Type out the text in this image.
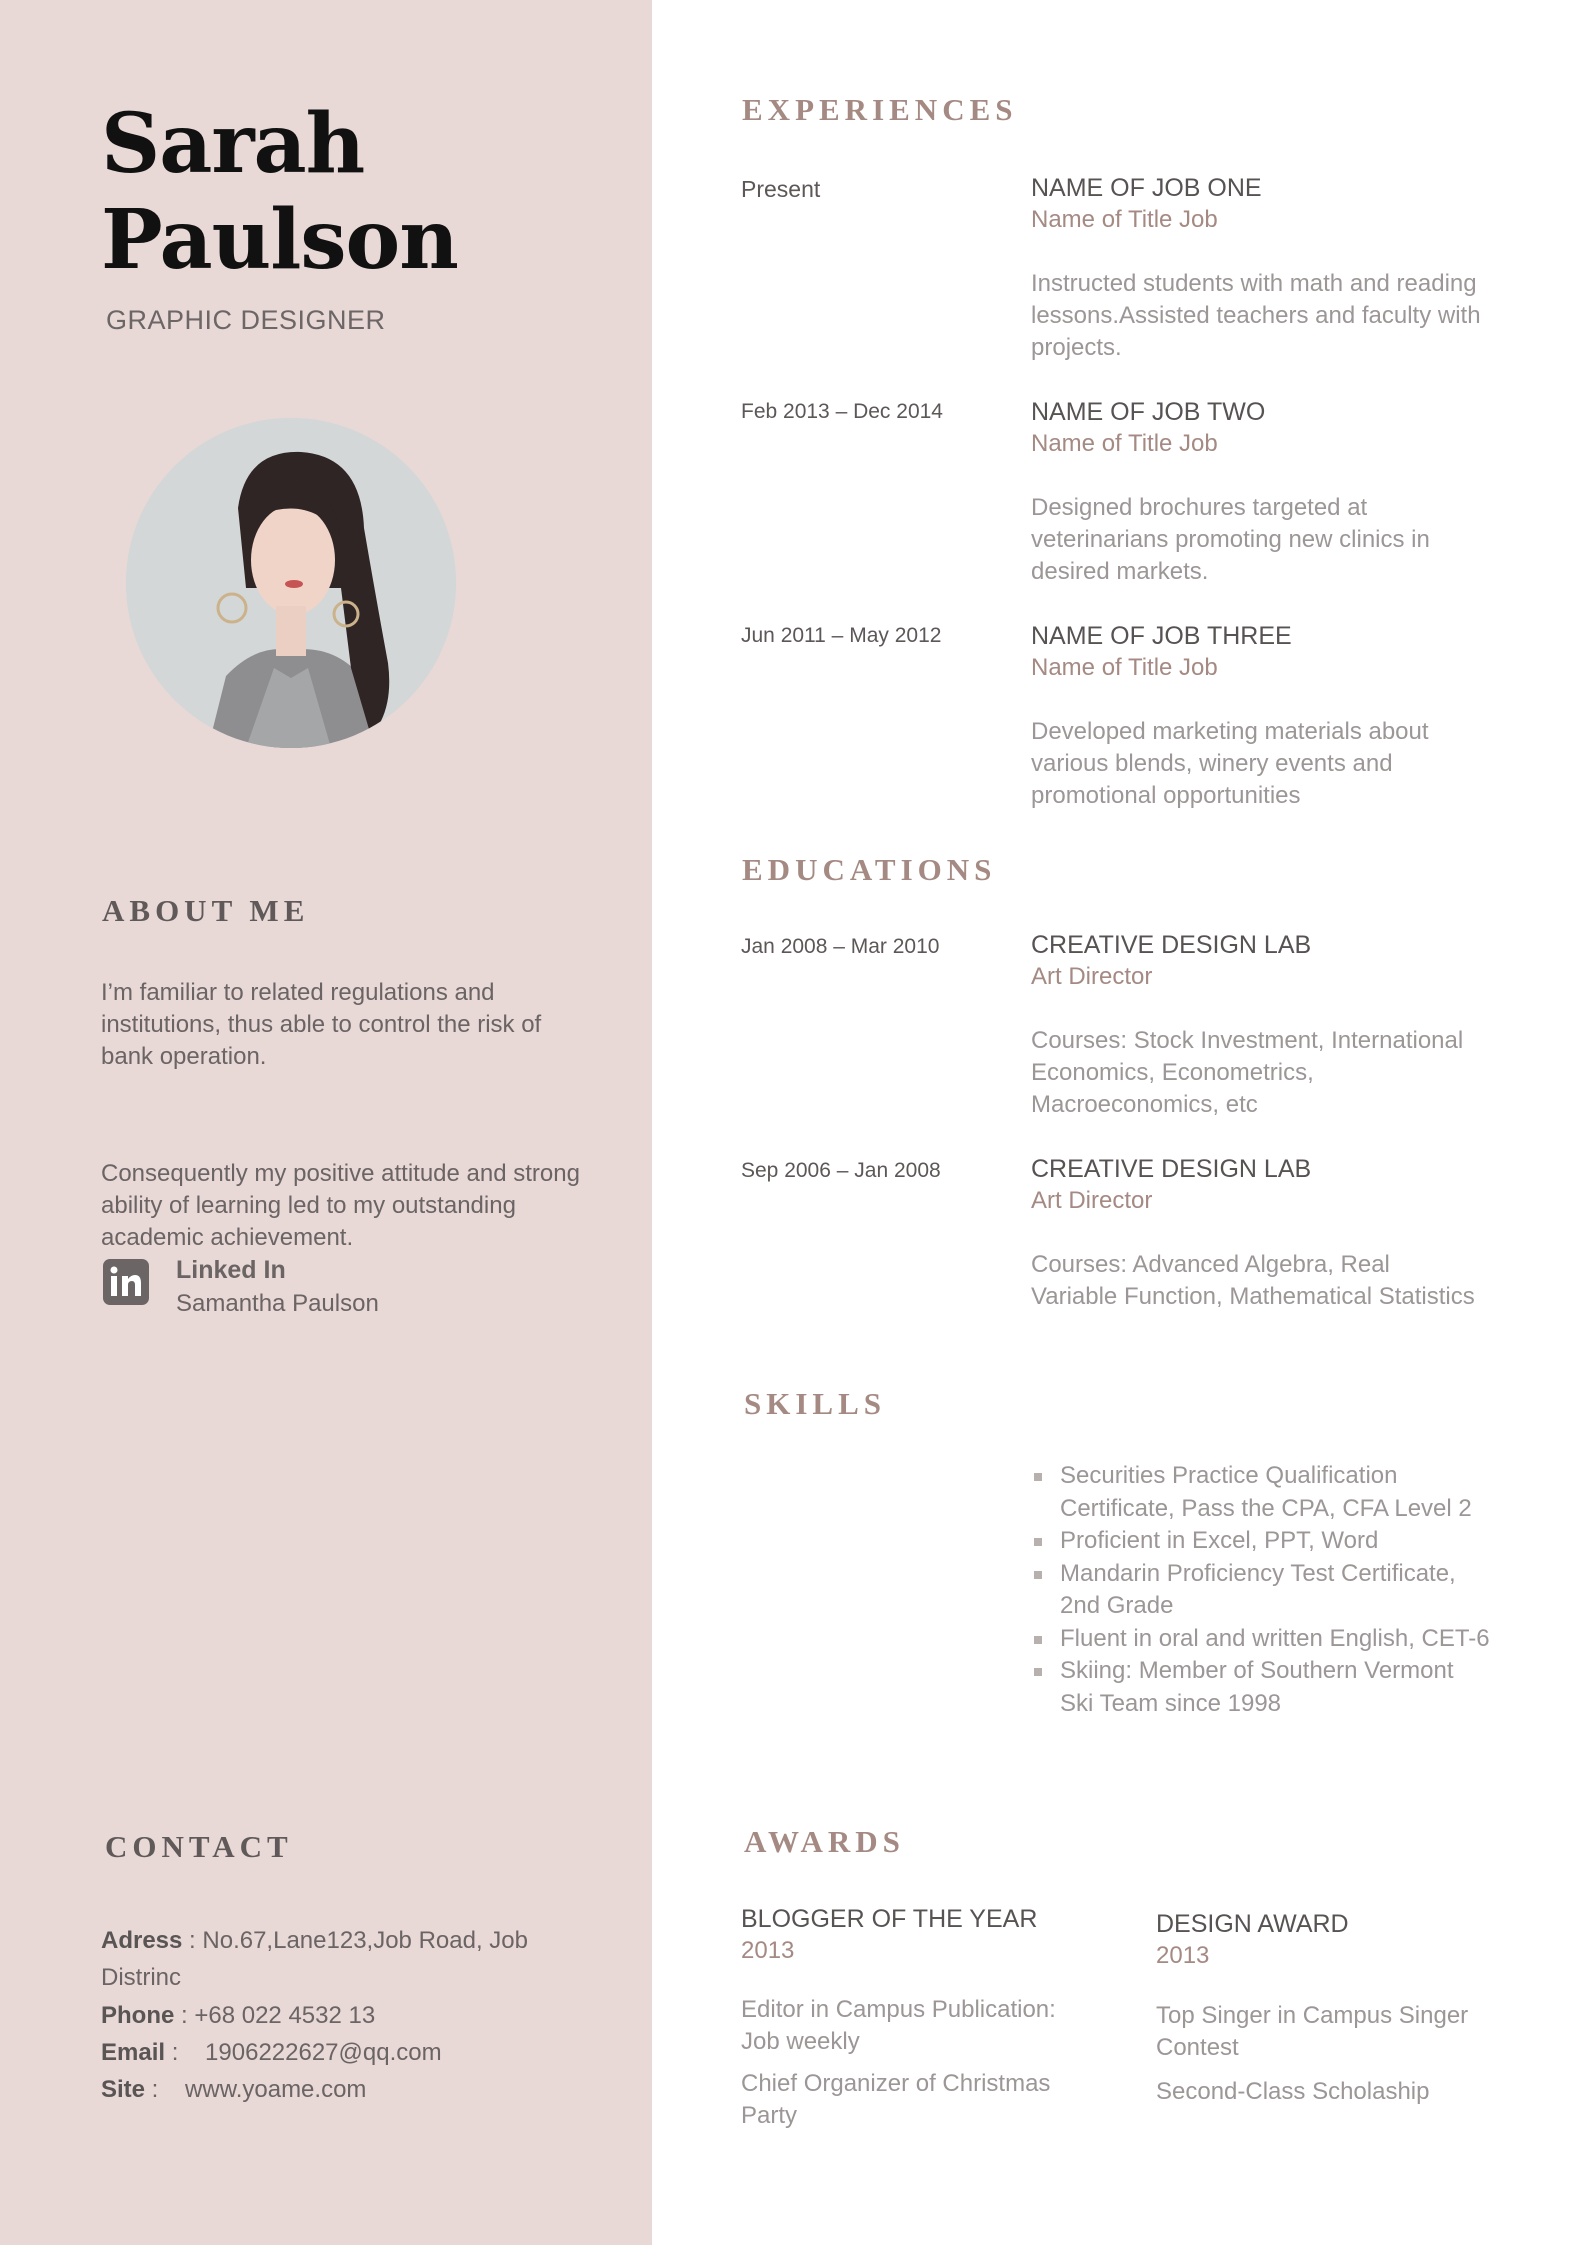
Sarah
Paulson
GRAPHIC DESIGNER
ABOUT ME
I’m familiar to related regulations and institutions, thus able to control the risk of bank operation.
Consequently my positive attitude and strong ability of learning led to my outstanding academic achievement.
Linked In
Samantha Paulson
CONTACT
Adress : No.67,Lane123,Job Road, Job Distrinc
Phone : +68 022 4532 13
Email :    1906222627@qq.com
Site :    www.yoame.com
EXPERIENCES
Present	NAME OF JOB ONE
Name of Title Job
Instructed students with math and reading lessons.Assisted teachers and faculty with projects.
Feb 2013 – Dec 2014	NAME OF JOB TWO
Name of Title Job
Designed brochures targeted at veterinarians promoting new clinics in desired markets.
Jun 2011 – May 2012	NAME OF JOB THREE
Name of Title Job
Developed marketing materials about various blends, winery events and promotional opportunities
EDUCATIONS
Jan 2008 – Mar 2010	CREATIVE DESIGN LAB
Art Director
Courses: Stock Investment, International Economics, Econometrics, Macroeconomics, etc
Sep 2006 – Jan 2008	CREATIVE DESIGN LAB
Art Director
Courses: Advanced Algebra, Real Variable Function, Mathematical Statistics
SKILLS
Securities Practice Qualification Certificate, Pass the CPA, CFA Level 2
Proficient in Excel, PPT, Word
Mandarin Proficiency Test Certificate, 2nd Grade
Fluent in oral and written English, CET-6
Skiing: Member of Southern Vermont Ski Team since 1998
AWARDS
BLOGGER OF THE YEAR
2013
Editor in Campus Publication: Job weekly
Chief Organizer of Christmas Party
DESIGN AWARD
2013
Top Singer in Campus Singer Contest
Second-Class Scholaship
